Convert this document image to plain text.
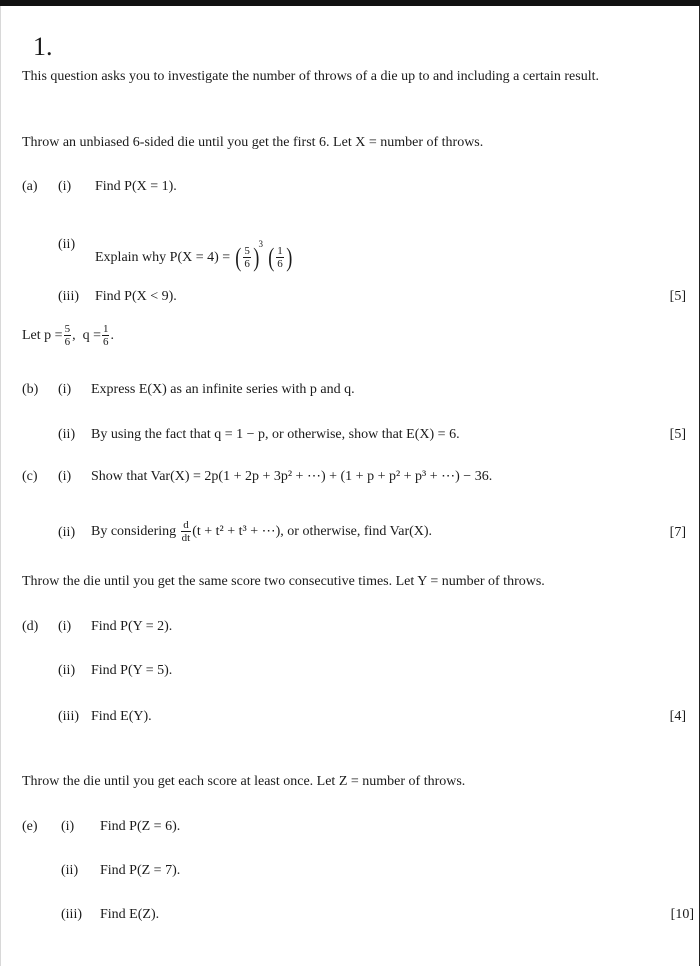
1.
This question asks you to investigate the number of throws of a die up to and including a certain result.
Throw an unbiased 6-sided die until you get the first 6. Let X = number of throws.
(a) (i) Find P(X = 1).
(ii)
Explain why P(X = 4) = ( $\frac{5}{6} )^3$ ( $\frac{1}{6}$ )
(iii) Find P(X < 9).	[5]
Let $p = \frac{5}{6}$ ,  $q = \frac{1}{6}$ .
(b) (i) Express E(X) as an infinite series with p and q.
(ii) By using the fact that q = 1 − p, or otherwise, show that E(X) = 6.	[5]
(c) (i) Show that Var(X) = 2p(1 + 2p + 3p² + ⋯) + (1 + p + p² + p³ + ⋯) − 36.
(ii) By considering $\frac{d}{dt} (t + t^2 + t^3$ + ⋯), or otherwise, find Var(X).	[7]
Throw the die until you get the same score two consecutive times. Let Y = number of throws.
(d) (i) Find P(Y = 2).
(ii) Find P(Y = 5).
(iii) Find E(Y).	[4]
Throw the die until you get each score at least once. Let Z = number of throws.
(e) (i) Find P(Z = 6).
(ii) Find P(Z = 7).
(iii) Find E(Z).	[10]
